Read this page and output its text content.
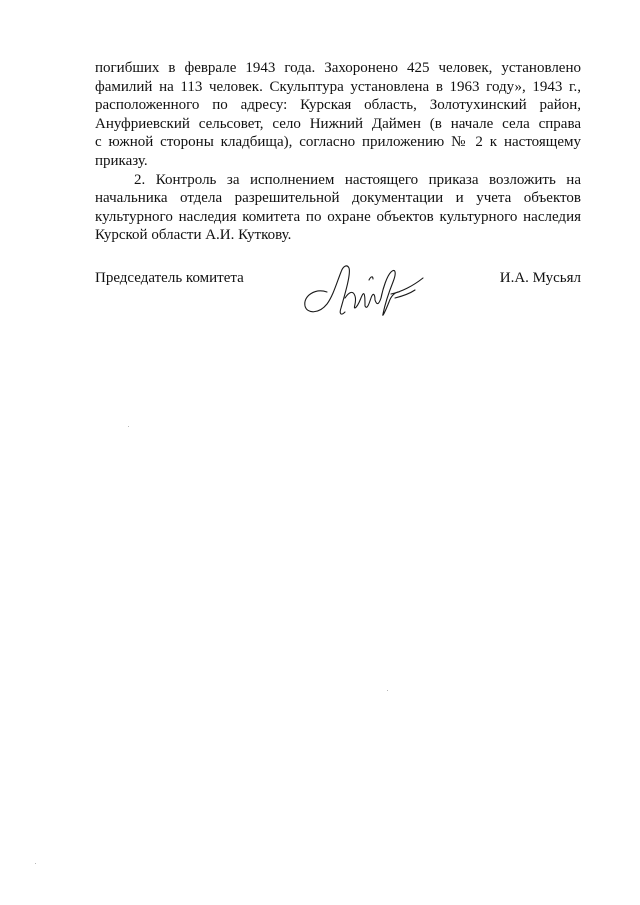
погибших в феврале 1943 года. Захоронено 425 человек, установлено
фамилий на 113 человек. Скульптура установлена в 1963 году», 1943 г.,
расположенного по адресу: Курская область, Золотухинский район,
Ануфриевский сельсовет, село Нижний Даймен (в начале села справа
с южной стороны кладбища), согласно приложению № 2 к настоящему
приказу.
2. Контроль за исполнением настоящего приказа возложить на
начальника отдела разрешительной документации и учета объектов
культурного наследия комитета по охране объектов культурного наследия
Курской области А.И. Куткову.
Председатель комитета	И.А. Мусьял
